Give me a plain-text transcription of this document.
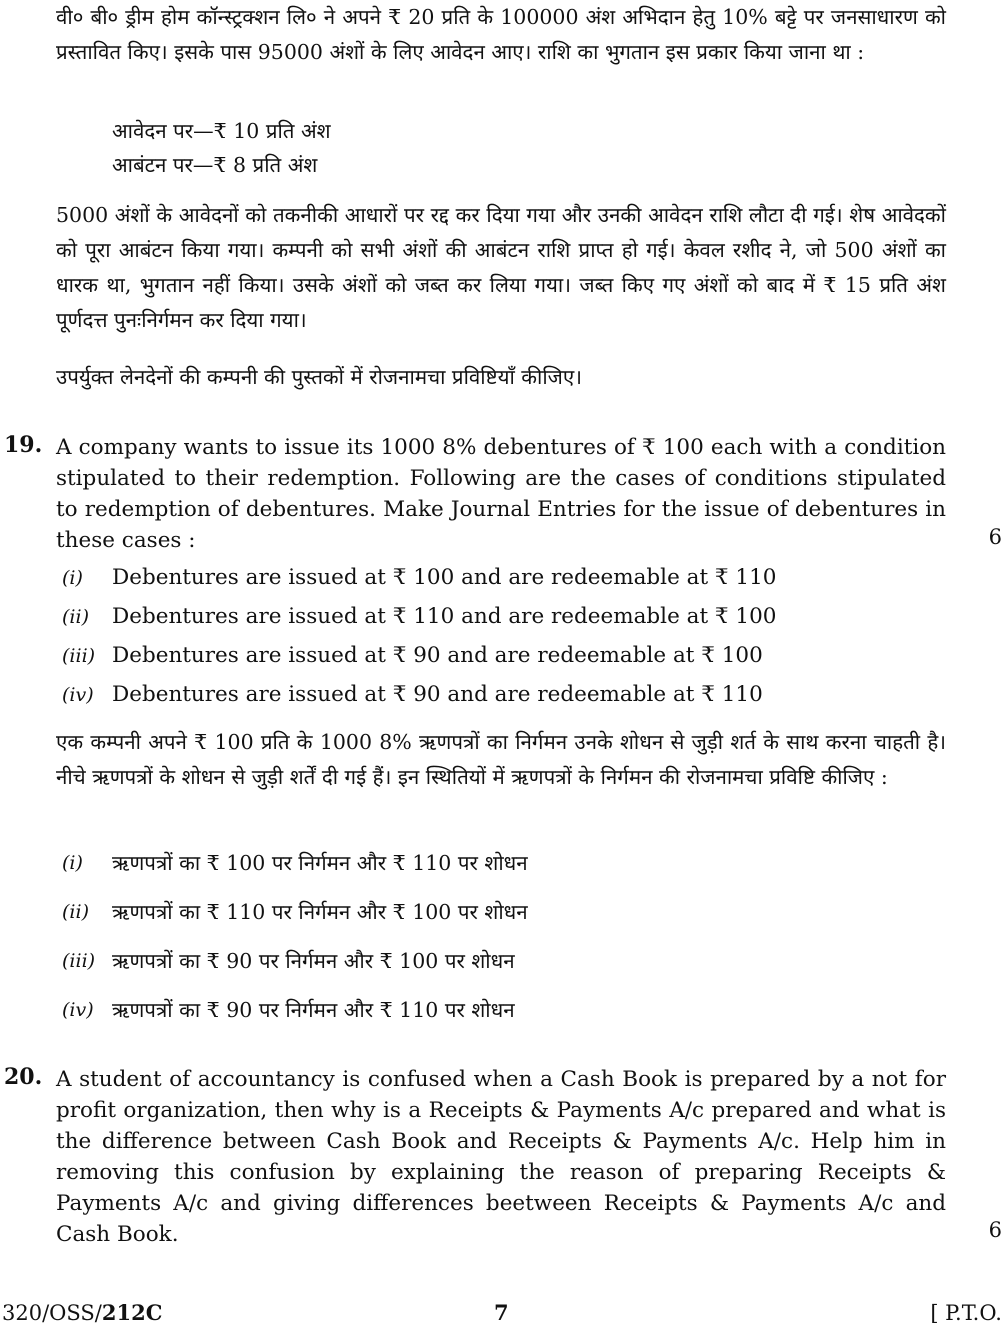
वी० बी० ड्रीम होम कॉन्स्ट्रक्शन लि० ने अपने ₹ 20 प्रति के 100000 अंश अभिदान हेतु 10% बट्टे पर जनसाधारण को प्रस्तावित किए। इसके पास 95000 अंशों के लिए आवेदन आए। राशि का भुगतान इस प्रकार किया जाना था :
आवेदन पर—₹ 10 प्रति अंश
आबंटन पर—₹ 8 प्रति अंश
5000 अंशों के आवेदनों को तकनीकी आधारों पर रद्द कर दिया गया और उनकी आवेदन राशि लौटा दी गई। शेष आवेदकों को पूरा आबंटन किया गया। कम्पनी को सभी अंशों की आबंटन राशि प्राप्त हो गई। केवल रशीद ने, जो 500 अंशों का धारक था, भुगतान नहीं किया। उसके अंशों को जब्त कर लिया गया। जब्त किए गए अंशों को बाद में ₹ 15 प्रति अंश पूर्णदत्त पुनःनिर्गमन कर दिया गया।
उपर्युक्त लेनदेनों की कम्पनी की पुस्तकों में रोजनामचा प्रविष्टियाँ कीजिए।
19. A company wants to issue its 1000 8% debentures of ₹ 100 each with a condition stipulated to their redemption. Following are the cases of conditions stipulated to redemption of debentures. Make Journal Entries for the issue of debentures in these cases :	6
(i) Debentures are issued at ₹ 100 and are redeemable at ₹ 110
(ii) Debentures are issued at ₹ 110 and are redeemable at ₹ 100
(iii) Debentures are issued at ₹ 90 and are redeemable at ₹ 100
(iv) Debentures are issued at ₹ 90 and are redeemable at ₹ 110
एक कम्पनी अपने ₹ 100 प्रति के 1000 8% ऋणपत्रों का निर्गमन उनके शोधन से जुड़ी शर्त के साथ करना चाहती है। नीचे ऋणपत्रों के शोधन से जुड़ी शर्तें दी गई हैं। इन स्थितियों में ऋणपत्रों के निर्गमन की रोजनामचा प्रविष्टि कीजिए :
(i) ऋणपत्रों का ₹ 100 पर निर्गमन और ₹ 110 पर शोधन
(ii) ऋणपत्रों का ₹ 110 पर निर्गमन और ₹ 100 पर शोधन
(iii) ऋणपत्रों का ₹ 90 पर निर्गमन और ₹ 100 पर शोधन
(iv) ऋणपत्रों का ₹ 90 पर निर्गमन और ₹ 110 पर शोधन
20. A student of accountancy is confused when a Cash Book is prepared by a not for profit organization, then why is a Receipts & Payments A/c prepared and what is the difference between Cash Book and Receipts & Payments A/c. Help him in removing this confusion by explaining the reason of preparing Receipts & Payments A/c and giving differences beetween Receipts & Payments A/c and Cash Book.	6
320/OSS/212C	7	[ P.T.O.
